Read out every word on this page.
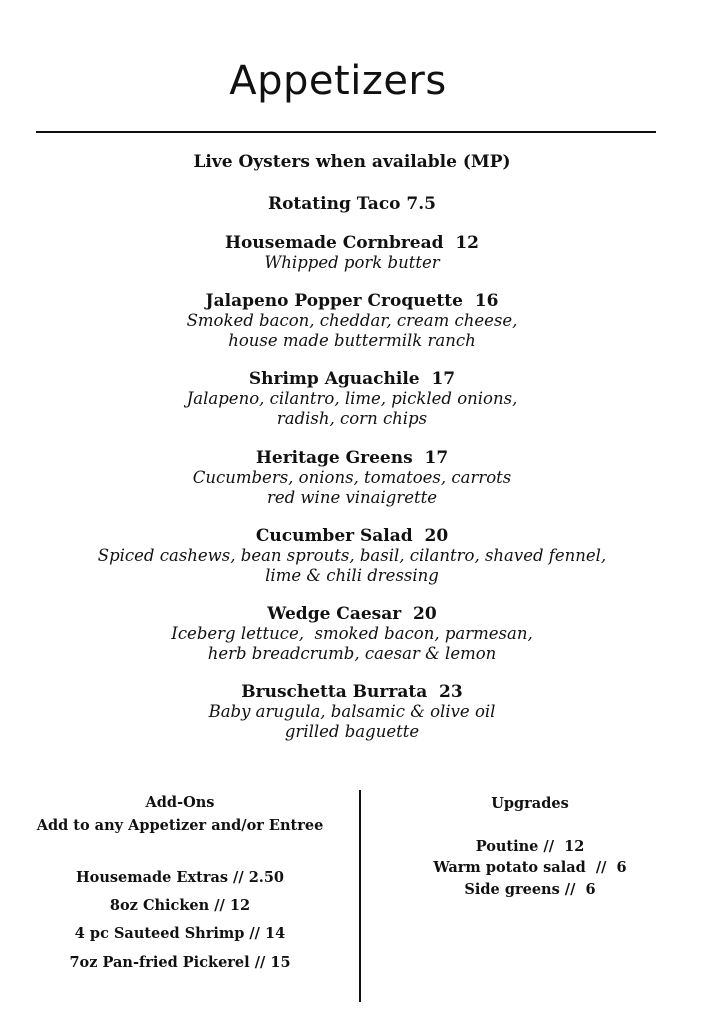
Appetizers
Live Oysters when available (MP)
Rotating Taco 7.5
Housemade Cornbread  12
Whipped pork butter
Jalapeno Popper Croquette  16
Smoked bacon, cheddar, cream cheese,
house made buttermilk ranch
Shrimp Aguachile  17
Jalapeno, cilantro, lime, pickled onions,
radish, corn chips
Heritage Greens  17
Cucumbers, onions, tomatoes, carrots
red wine vinaigrette
Cucumber Salad  20
Spiced cashews, bean sprouts, basil, cilantro, shaved fennel,
lime & chili dressing
Wedge Caesar  20
Iceberg lettuce,  smoked bacon, parmesan,
herb breadcrumb, caesar & lemon
Bruschetta Burrata  23
Baby arugula, balsamic & olive oil
grilled baguette
Add-Ons
Add to any Appetizer and/or Entree
Housemade Extras // 2.50
8oz Chicken // 12
4 pc Sauteed Shrimp // 14
7oz Pan-fried Pickerel // 15
Upgrades
Poutine //  12
Warm potato salad  //  6
Side greens //  6
